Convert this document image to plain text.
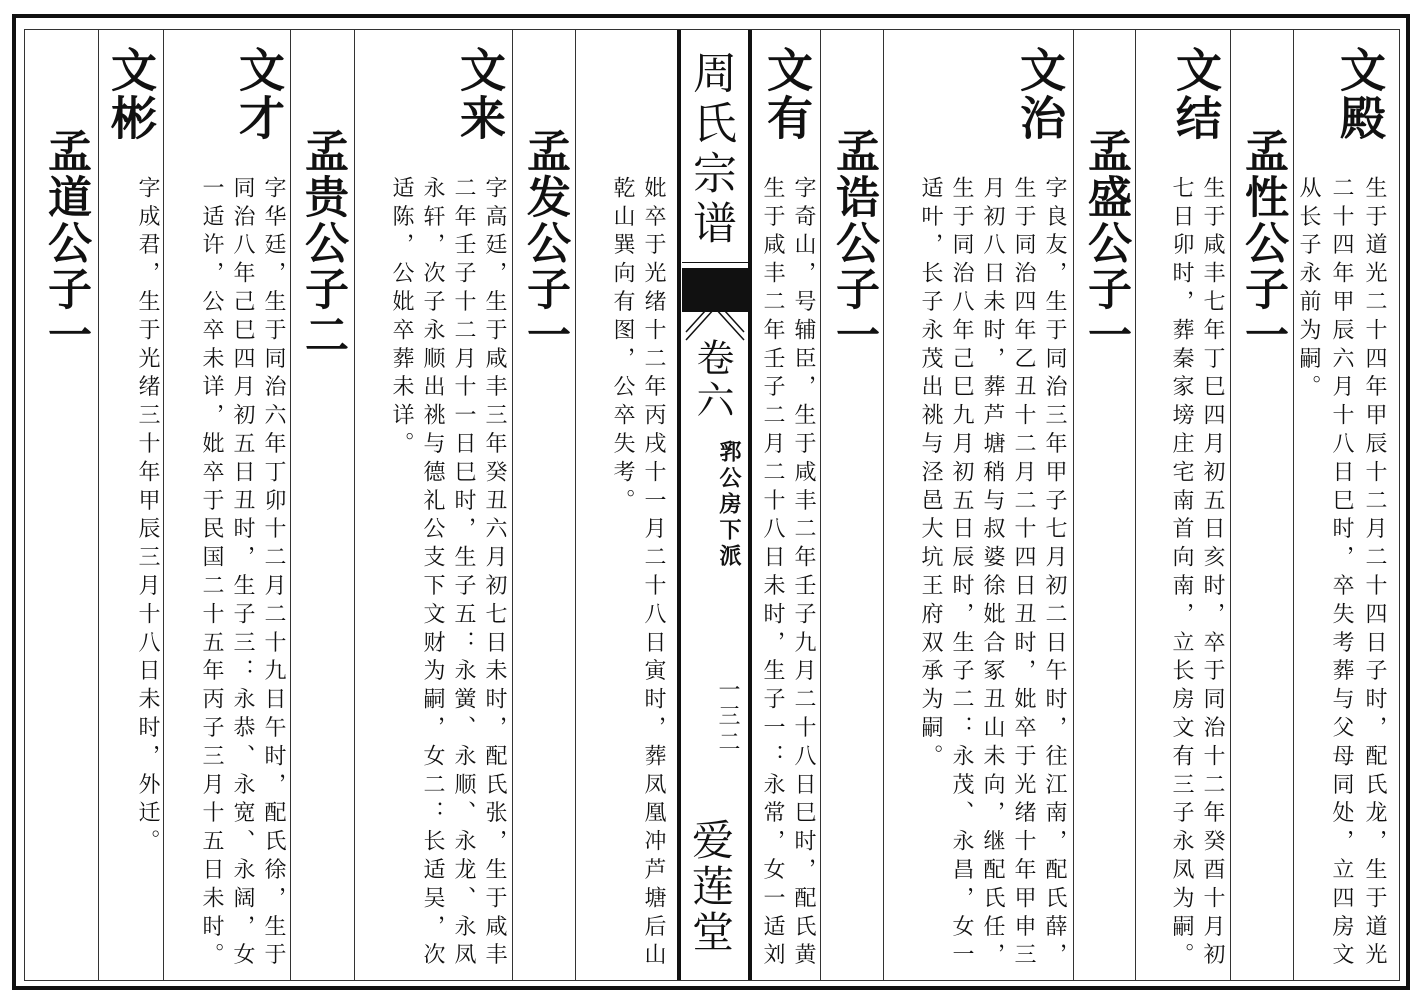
文殿
生于道光二十四年甲辰十二月二十四日子时，配氏龙，生于道光
二十四年甲辰六月十八日巳时，卒失考葬与父母同处，立四房文
从长子永前为嗣。
孟性公子一
文结
生于咸丰七年丁巳四月初五日亥时，卒于同治十二年癸酉十月初
七日卯时，葬秦家塝庄宅南首向南，立长房文有三子永凤为嗣。
孟盛公子一
文治
字良友，生于同治三年甲子七月初二日午时，往江南，配氏薛，
生于同治四年乙丑十二月二十四日丑时，妣卒于光绪十年甲申三
月初八日未时，葬芦塘稍与叔婆徐妣合冢丑山未向，继配氏任，
生于同治八年己巳九月初五日辰时，生子二：永茂、永昌，女一
适叶，长子永茂出祧与泾邑大坑王府双承为嗣。
孟诰公子一
文有
字奇山，号辅臣，生于咸丰二年壬子九月二十八日巳时，配氏黄
生于咸丰二年壬子二月二十八日未时，生子一：永常，女一适刘
周氏宗谱
卷六
郛公房下派
一三二
爱莲堂
妣卒于光绪十二年丙戌十一月二十八日寅时，葬凤凰冲芦塘后山
乾山巽向有图，公卒失考。
孟发公子一
文来
字高廷，生于咸丰三年癸丑六月初七日未时，配氏张，生于咸丰
二年壬子十二月十一日巳时，生子五：永黉、永顺、永龙、永凤
永轩，次子永顺出祧与德礼公支下文财为嗣，女二：长适吴，次
适陈，公妣卒葬未详。
孟贵公子二
文才
字华廷，生于同治六年丁卯十二月二十九日午时，配氏徐，生于
同治八年己巳四月初五日丑时，生子三：永恭、永宽、永阔，女
一适许，公卒未详，妣卒于民国二十五年丙子三月十五日未时。
文彬
字成君，生于光绪三十年甲辰三月十八日未时，外迁。
孟道公子一
